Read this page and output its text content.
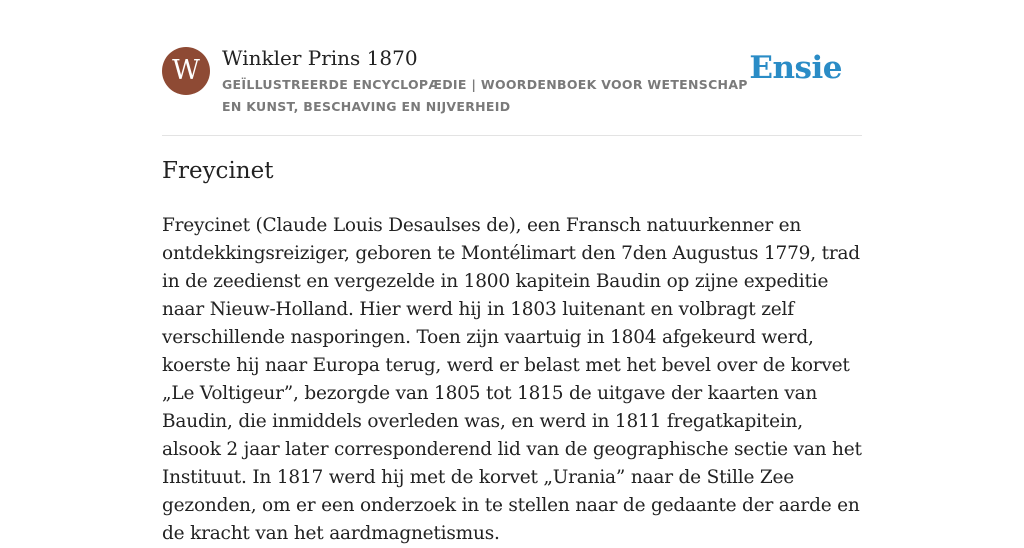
W	Winkler Prins 1870
GEÏLLUSTREERDE ENCYCLOPÆDIE | WOORDENBOEK VOOR WETENSCHAP EN KUNST, BESCHAVING EN NIJVERHEID
Ensie
Freycinet

Freycinet (Claude Louis Desaulses de), een Fransch natuurkenner en ontdekkingsreiziger, geboren te Montélimart den 7den Augustus 1779, trad in de zeedienst en vergezelde in 1800 kapitein Baudin op zijne expeditie naar Nieuw-Holland. Hier werd hij in 1803 luitenant en volbragt zelf verschillende nasporingen. Toen zijn vaartuig in 1804 afgekeurd werd, koerste hij naar Europa terug, werd er belast met het bevel over de korvet „Le Voltigeur”, bezorgde van 1805 tot 1815 de uitgave der kaarten van Baudin, die inmiddels overleden was, en werd in 1811 fregatkapitein, alsook 2 jaar later corresponderend lid van de geographische sectie van het Instituut. In 1817 werd hij met de korvet „Urania” naar de Stille Zee gezonden, om er een onderzoek in te stellen naar de gedaante der aarde en de kracht van het aardmagnetismus.
